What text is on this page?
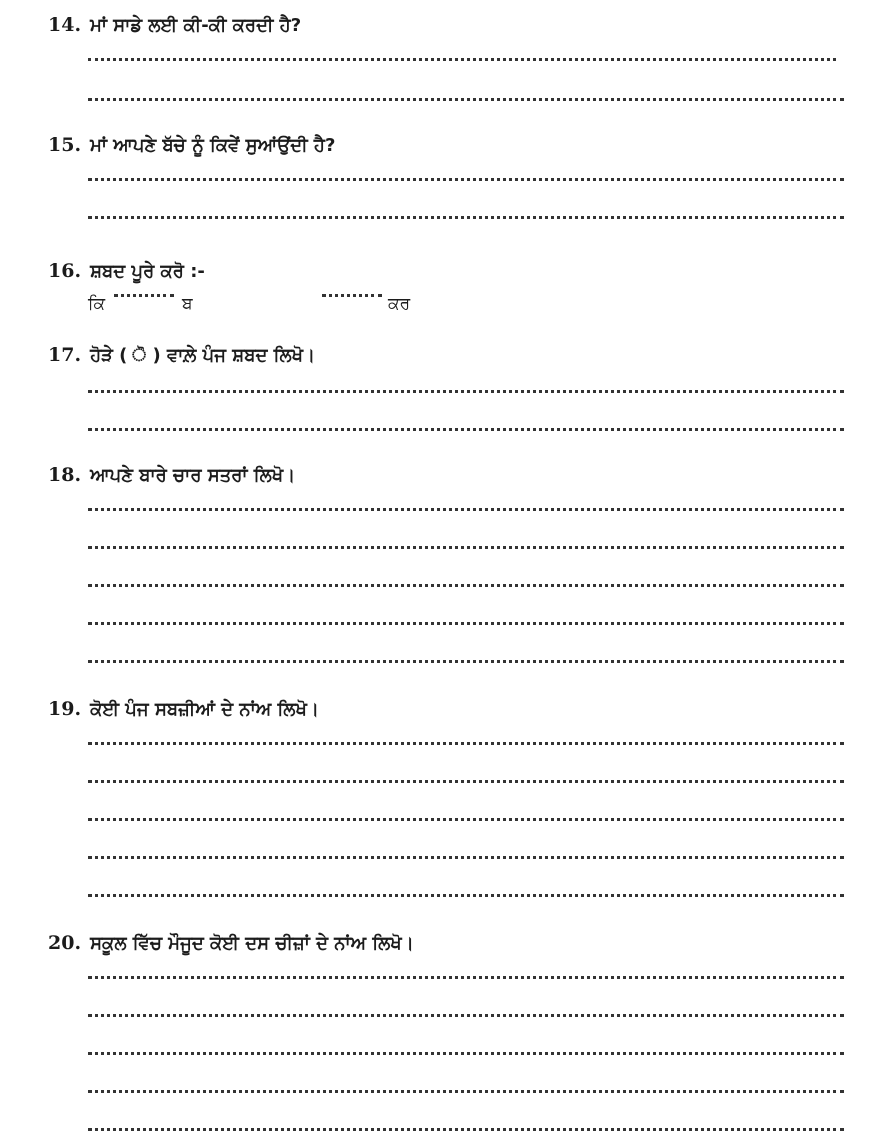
14. ਮਾਂ ਸਾਡੇ ਲਈ ਕੀ-ਕੀ ਕਰਦੀ ਹੈ?
15. ਮਾਂ ਆਪਣੇ ਬੱਚੇ ਨੂੰ ਕਿਵੇਂ ਸੁਆਂਉਂਦੀ ਹੈ?
16. ਸ਼ਬਦ ਪੂਰੇ ਕਰੋ :-
ਕਿ	ਬ	ਕਰ
17. ਹੋੜੇ ( ੋ ) ਵਾਲ਼ੇ ਪੰਜ ਸ਼ਬਦ ਲਿਖੋ।
18. ਆਪਣੇ ਬਾਰੇ ਚਾਰ ਸਤਰਾਂ ਲਿਖੋ।
19. ਕੋਈ ਪੰਜ ਸਬਜ਼ੀਆਂ ਦੇ ਨਾਂਅ ਲਿਖੋ।
20. ਸਕੂਲ ਵਿੱਚ ਮੌਜੂਦ ਕੋਈ ਦਸ ਚੀਜ਼ਾਂ ਦੇ ਨਾਂਅ ਲਿਖੋ।
